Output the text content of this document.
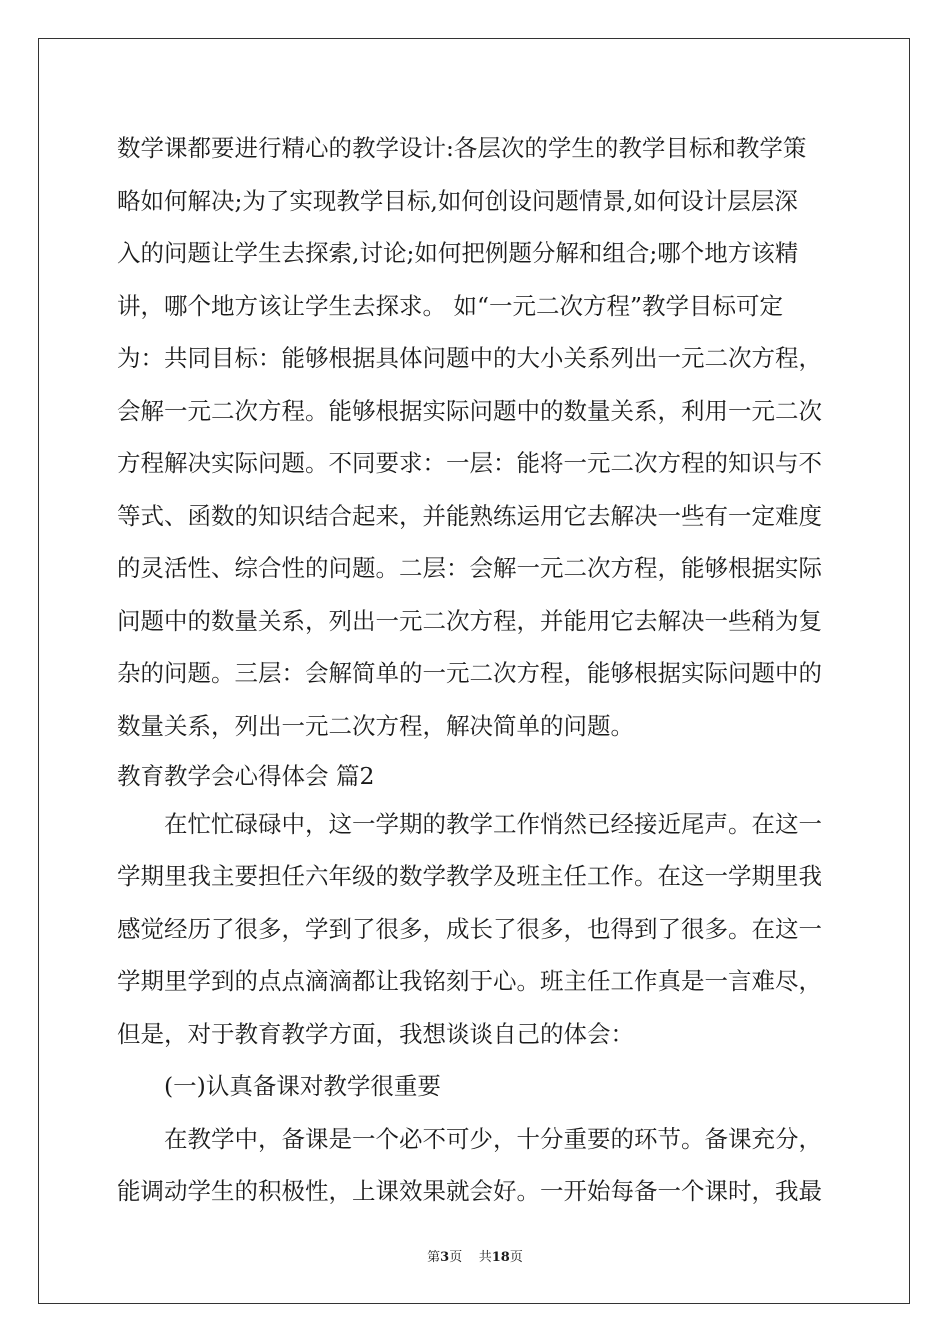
数学课都要进行精心的教学设计:各层次的学生的教学目标和教学策
略如何解决;为了实现教学目标,如何创设问题情景,如何设计层层深
入的问题让学生去探索,讨论;如何把例题分解和组合;哪个地方该精
讲，哪个地方该让学生去探求。 如“一元二次方程”教学目标可定
为：共同目标：能够根据具体问题中的大小关系列出一元二次方程，
会解一元二次方程。能够根据实际问题中的数量关系，利用一元二次
方程解决实际问题。不同要求：一层：能将一元二次方程的知识与不
等式、函数的知识结合起来，并能熟练运用它去解决一些有一定难度
的灵活性、综合性的问题。二层：会解一元二次方程，能够根据实际
问题中的数量关系，列出一元二次方程，并能用它去解决一些稍为复
杂的问题。三层：会解简单的一元二次方程，能够根据实际问题中的
数量关系，列出一元二次方程，解决简单的问题。
教育教学会心得体会 篇2
　　在忙忙碌碌中，这一学期的教学工作悄然已经接近尾声。在这一
学期里我主要担任六年级的数学教学及班主任工作。在这一学期里我
感觉经历了很多，学到了很多，成长了很多，也得到了很多。在这一
学期里学到的点点滴滴都让我铭刻于心。班主任工作真是一言难尽，
但是，对于教育教学方面，我想谈谈自己的体会：
　　(一)认真备课对教学很重要
　　在教学中，备课是一个必不可少，十分重要的环节。备课充分，
能调动学生的积极性，上课效果就会好。一开始每备一个课时，我最
第3页 共18页
